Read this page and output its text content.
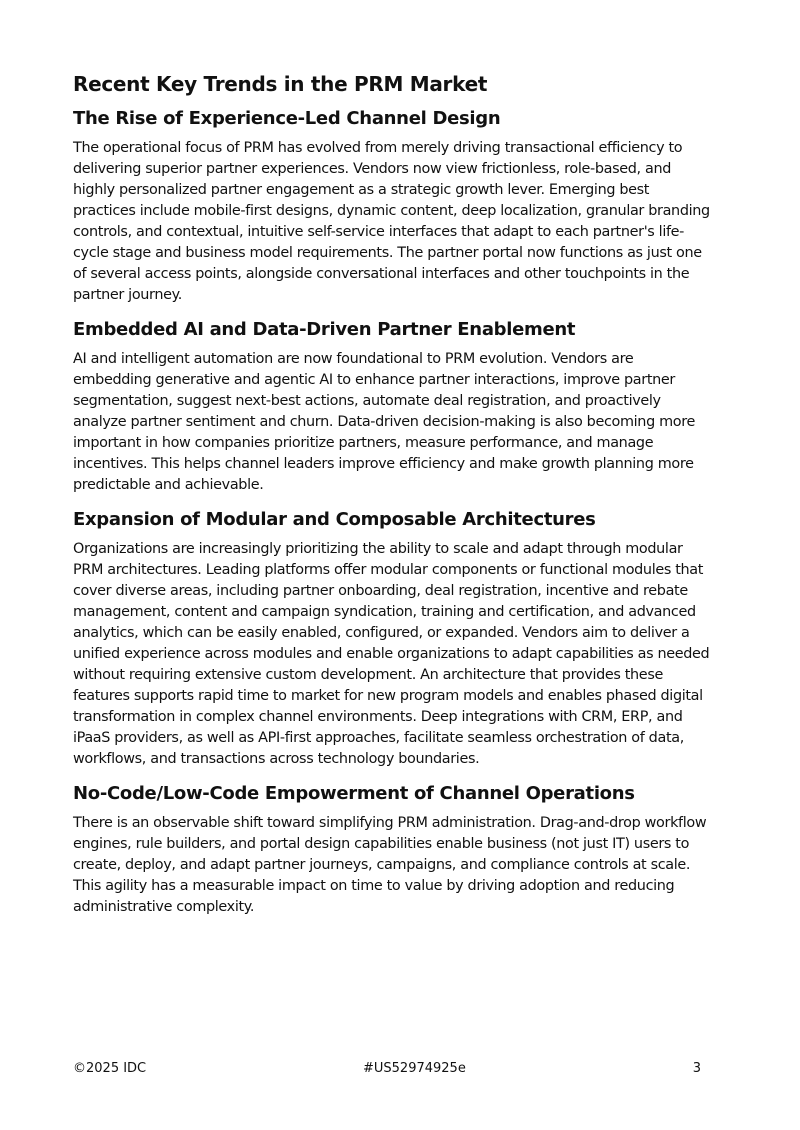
Recent Key Trends in the PRM Market
The Rise of Experience-Led Channel Design

The operational focus of PRM has evolved from merely driving transactional efficiency to delivering superior partner experiences. Vendors now view frictionless, role-based, and highly personalized partner engagement as a strategic growth lever. Emerging best practices include mobile-first designs, dynamic content, deep localization, granular branding controls, and contextual, intuitive self-service interfaces that adapt to each partner's life-cycle stage and business model requirements. The partner portal now functions as just one of several access points, alongside conversational interfaces and other touchpoints in the partner journey.

Embedded AI and Data-Driven Partner Enablement

AI and intelligent automation are now foundational to PRM evolution. Vendors are embedding generative and agentic AI to enhance partner interactions, improve partner segmentation, suggest next-best actions, automate deal registration, and proactively analyze partner sentiment and churn. Data-driven decision-making is also becoming more important in how companies prioritize partners, measure performance, and manage incentives. This helps channel leaders improve efficiency and make growth planning more predictable and achievable.

Expansion of Modular and Composable Architectures

Organizations are increasingly prioritizing the ability to scale and adapt through modular PRM architectures. Leading platforms offer modular components or functional modules that cover diverse areas, including partner onboarding, deal registration, incentive and rebate management, content and campaign syndication, training and certification, and advanced analytics, which can be easily enabled, configured, or expanded. Vendors aim to deliver a unified experience across modules and enable organizations to adapt capabilities as needed without requiring extensive custom development. An architecture that provides these features supports rapid time to market for new program models and enables phased digital transformation in complex channel environments. Deep integrations with CRM, ERP, and iPaaS providers, as well as API-first approaches, facilitate seamless orchestration of data, workflows, and transactions across technology boundaries.

No-Code/Low-Code Empowerment of Channel Operations

There is an observable shift toward simplifying PRM administration. Drag-and-drop workflow engines, rule builders, and portal design capabilities enable business (not just IT) users to create, deploy, and adapt partner journeys, campaigns, and compliance controls at scale. This agility has a measurable impact on time to value by driving adoption and reducing administrative complexity.

©2025 IDC	#US52974925e	3
